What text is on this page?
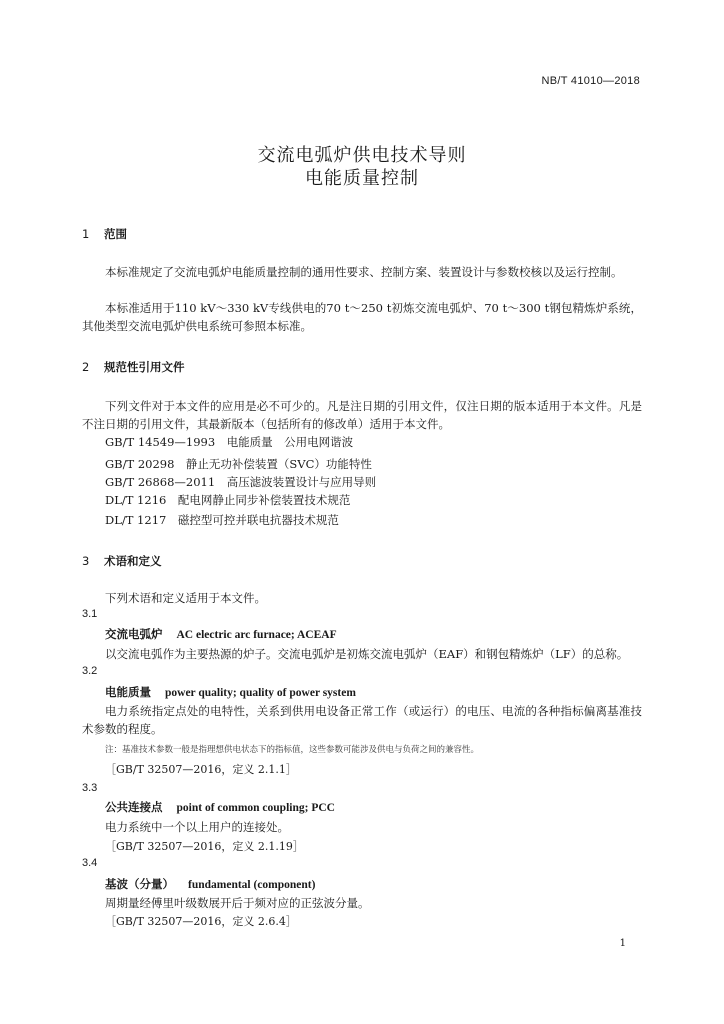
NB/T 41010—2018
交流电弧炉供电技术导则
电能质量控制
1 范围
本标准规定了交流电弧炉电能质量控制的通用性要求、控制方案、装置设计与参数校核以及运行控制。
本标准适用于110 kV～330 kV专线供电的70 t～250 t初炼交流电弧炉、70 t～300 t钢包精炼炉系统，其他类型交流电弧炉供电系统可参照本标准。
2 规范性引用文件
下列文件对于本文件的应用是必不可少的。凡是注日期的引用文件，仅注日期的版本适用于本文件。凡是不注日期的引用文件，其最新版本（包括所有的修改单）适用于本文件。
GB/T 14549—1993　电能质量　公用电网谐波
GB/T 20298　静止无功补偿装置（SVC）功能特性
GB/T 26868—2011　高压滤波装置设计与应用导则
DL/T 1216　配电网静止同步补偿装置技术规范
DL/T 1217　磁控型可控并联电抗器技术规范
3 术语和定义
下列术语和定义适用于本文件。
3.1
交流电弧炉 AC electric arc furnace; ACEAF
以交流电弧作为主要热源的炉子。交流电弧炉是初炼交流电弧炉（EAF）和钢包精炼炉（LF）的总称。
3.2
电能质量 power quality; quality of power system
电力系统指定点处的电特性，关系到供用电设备正常工作（或运行）的电压、电流的各种指标偏离基准技术参数的程度。
注：基准技术参数一般是指理想供电状态下的指标值，这些参数可能涉及供电与负荷之间的兼容性。
［GB/T 32507—2016，定义 2.1.1］
3.3
公共连接点 point of common coupling; PCC
电力系统中一个以上用户的连接处。
［GB/T 32507—2016，定义 2.1.19］
3.4
基波（分量） fundamental (component)
周期量经傅里叶级数展开后于频对应的正弦波分量。
［GB/T 32507—2016，定义 2.6.4］
1
